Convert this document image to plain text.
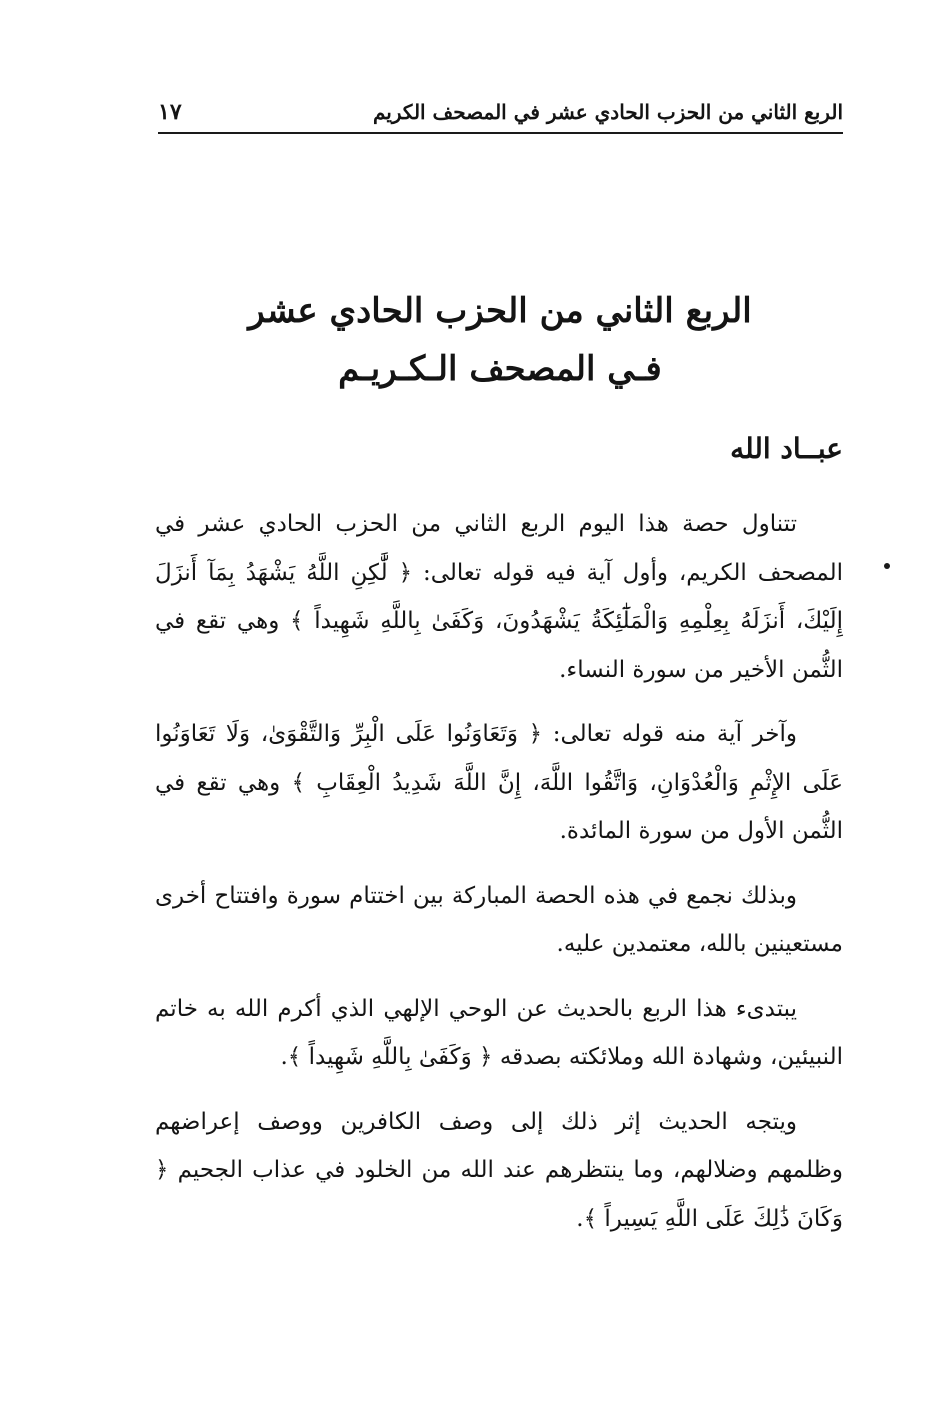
الربع الثاني من الحزب الحادي عشر في المصحف الكريم
١٧
الربع الثاني من الحزب الحادي عشر
فـي المصحف الـكـريـم
عبــاد الله

تتناول حصة هذا اليوم الربع الثاني من الحزب الحادي عشر في المصحف الكريم، وأول آية فيه قوله تعالى: ﴿ لَّٰكِنِ اللَّهُ يَشْهَدُ بِمَآ أَنزَلَ إِلَيْكَ، أَنزَلَهُ بِعِلْمِهِ وَالْمَلَٰٓئِكَةُ يَشْهَدُونَ، وَكَفَىٰ بِاللَّهِ شَهِيداً ﴾ وهي تقع في الثُّمن الأخير من سورة النساء.

وآخر آية منه قوله تعالى: ﴿ وَتَعَاوَنُوا عَلَى الْبِرِّ وَالتَّقْوَىٰ، وَلَا تَعَاوَنُوا عَلَى الإِثْمِ وَالْعُدْوَانِ، وَاتَّقُوا اللَّهَ، إِنَّ اللَّهَ شَدِيدُ الْعِقَابِ ﴾ وهي تقع في الثُّمن الأول من سورة المائدة.

وبذلك نجمع في هذه الحصة المباركة بين اختتام سورة وافتتاح أخرى مستعينين بالله، معتمدين عليه.

يبتدىء هذا الربع بالحديث عن الوحي الإلهي الذي أكرم الله به خاتم النبيئين، وشهادة الله وملائكته بصدقه ﴿ وَكَفَىٰ بِاللَّهِ شَهِيداً ﴾.

ويتجه الحديث إثر ذلك إلى وصف الكافرين ووصف إعراضهم وظلمهم وضلالهم، وما ينتظرهم عند الله من الخلود في عذاب الجحيم ﴿ وَكَانَ ذَٰلِكَ عَلَى اللَّهِ يَسِيراً ﴾.
